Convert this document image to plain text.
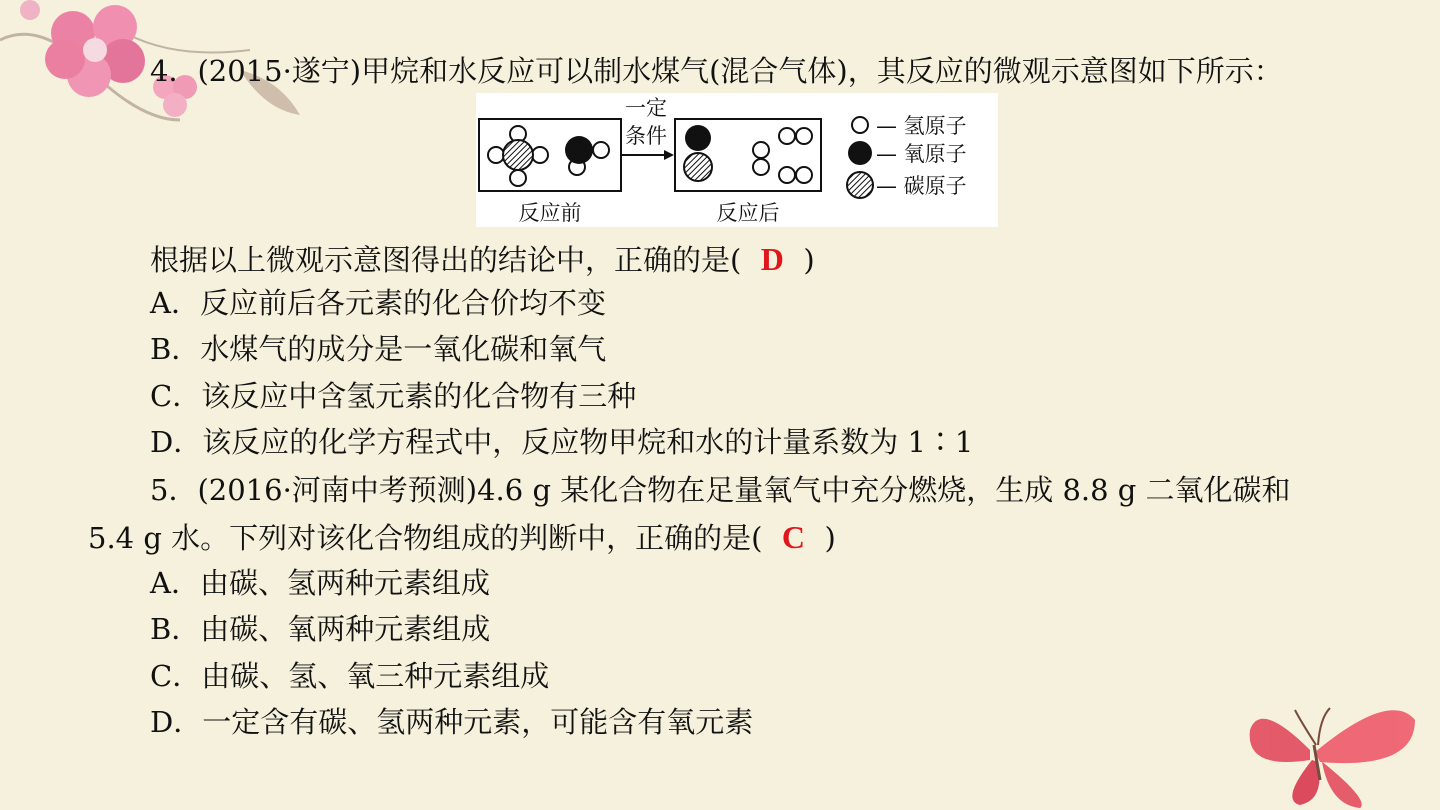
4．(2015·遂宁)甲烷和水反应可以制水煤气(混合气体)，其反应的微观示意图如下所示：
一定
条件
反应前	反应后
— 氢原子
— 氧原子
— 碳原子
根据以上微观示意图得出的结论中，正确的是( D )
A．反应前后各元素的化合价均不变
B．水煤气的成分是一氧化碳和氧气
C．该反应中含氢元素的化合物有三种
D．该反应的化学方程式中，反应物甲烷和水的计量系数为 1∶1
5．(2016·河南中考预测)4.6 g 某化合物在足量氧气中充分燃烧，生成 8.8 g 二氧化碳和
5.4 g 水。下列对该化合物组成的判断中，正确的是( C )
A．由碳、氢两种元素组成
B．由碳、氧两种元素组成
C．由碳、氢、氧三种元素组成
D．一定含有碳、氢两种元素，可能含有氧元素
